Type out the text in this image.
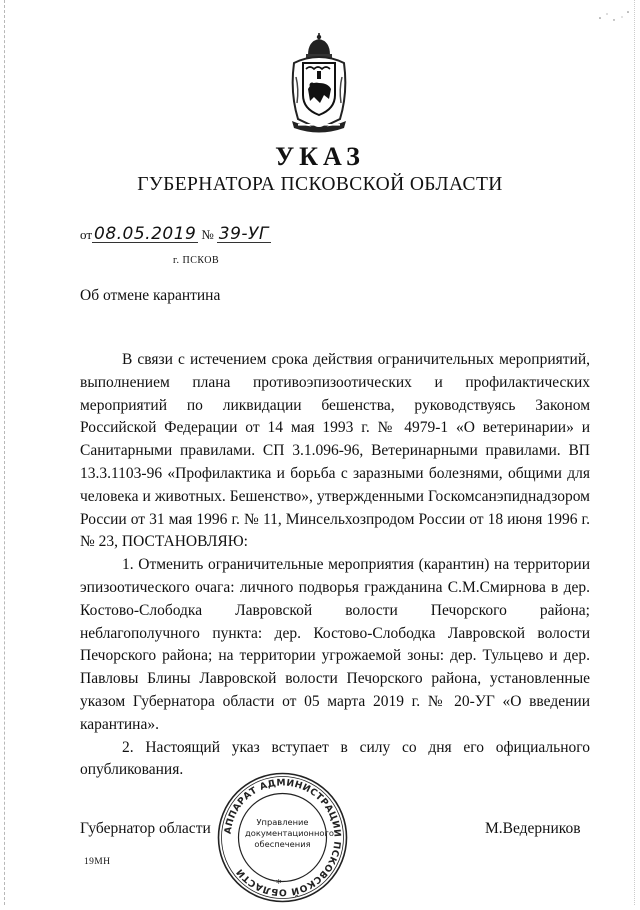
УКАЗ
ГУБЕРНАТОРА ПСКОВСКОЙ ОБЛАСТИ
от 08.05.2019 № 39-УГ
г. ПСКОВ
Об отмене карантина

В связи с истечением срока действия ограничительных мероприятий, выполнением плана противоэпизоотических и профилактических мероприятий по ликвидации бешенства, руководствуясь Законом Российской Федерации от 14 мая 1993 г. № 4979-1 «О ветеринарии» и Санитарными правилами. СП 3.1.096-96, Ветеринарными правилами. ВП 13.3.1103-96 «Профилактика и борьба с заразными болезнями, общими для человека и животных. Бешенство», утвержденными Госкомсанэпиднадзором России от 31 мая 1996 г. № 11, Минсельхозпродом России от 18 июня 1996 г. № 23, ПОСТАНОВЛЯЮ:

1. Отменить ограничительные мероприятия (карантин) на территории эпизоотического очага: личного подворья гражданина С.М.Смирнова в дер. Костово-Слободка Лавровской волости Печорского района; неблагополучного пункта: дер. Костово-Слободка Лавровской волости Печорского района; на территории угрожаемой зоны: дер. Тульцево и дер. Павловы Блины Лавровской волости Печорского района, установленные указом Губернатора области от 05 марта 2019 г. № 20-УГ «О введении карантина».

2. Настоящий указ вступает в силу со дня его официального опубликования.

Губернатор области	М.Ведерников
АППАРАТ АДМИНИСТРАЦИИ ПСКОВСКОЙ ОБЛАСТИ
Управление
документационного
обеспечения
*
19МН
